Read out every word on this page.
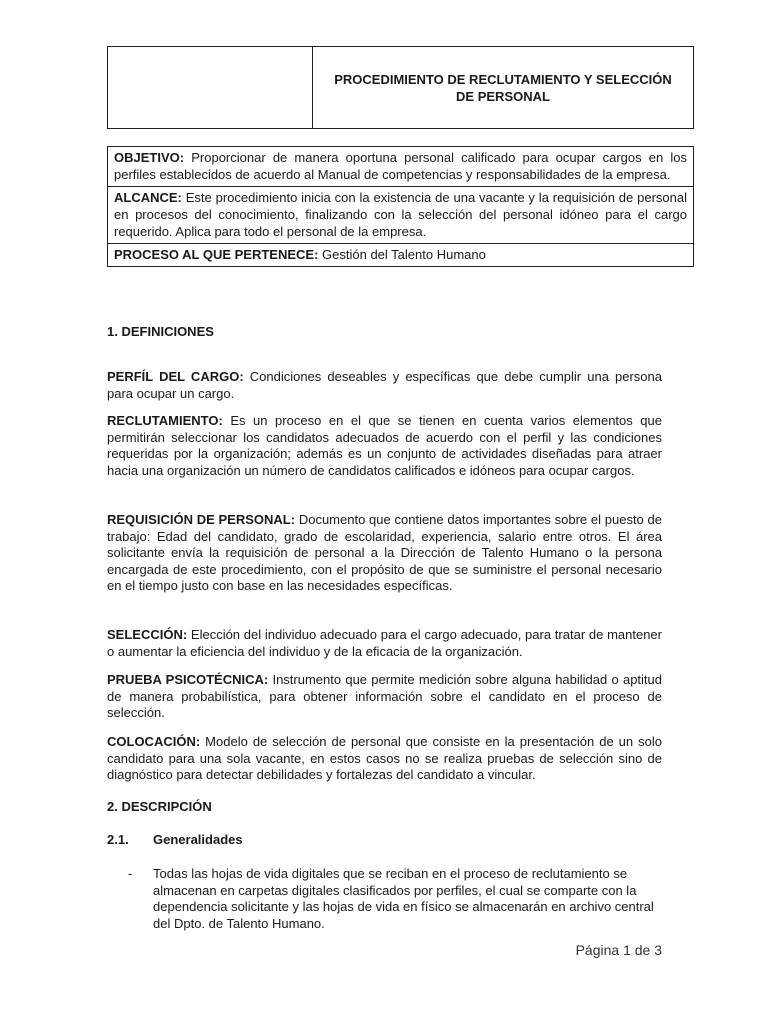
PROCEDIMIENTO DE RECLUTAMIENTO Y SELECCIÓN DE PERSONAL
OBJETIVO: Proporcionar de manera oportuna personal calificado para ocupar cargos en los perfiles establecidos de acuerdo al Manual de competencias y responsabilidades de la empresa.
ALCANCE: Este procedimiento inicia con la existencia de una vacante y la requisición de personal en procesos del conocimiento, finalizando con la selección del personal idóneo para el cargo requerido. Aplica para todo el personal de la empresa.
PROCESO AL QUE PERTENECE: Gestión del Talento Humano
1. DEFINICIONES
PERFÍL DEL CARGO: Condiciones deseables y específicas que debe cumplir una persona para ocupar un cargo.
RECLUTAMIENTO: Es un proceso en el que se tienen en cuenta varios elementos que permitirán seleccionar los candidatos adecuados de acuerdo con el perfil y las condiciones requeridas por la organización; además es un conjunto de actividades diseñadas para atraer hacia una organización un número de candidatos calificados e idóneos para ocupar cargos.
REQUISICIÓN DE PERSONAL: Documento que contiene datos importantes sobre el puesto de trabajo: Edad del candidato, grado de escolaridad, experiencia, salario entre otros. El área solicitante envía la requisición de personal a la Dirección de Talento Humano o la persona encargada de este procedimiento, con el propósito de que se suministre el personal necesario en el tiempo justo con base en las necesidades específicas.
SELECCIÓN: Elección del individuo adecuado para el cargo adecuado, para tratar de mantener o aumentar la eficiencia del individuo y de la eficacia de la organización.
PRUEBA PSICOTÉCNICA: Instrumento que permite medición sobre alguna habilidad o aptitud de manera probabilística, para obtener información sobre el candidato en el proceso de selección.
COLOCACIÓN: Modelo de selección de personal que consiste en la presentación de un solo candidato para una sola vacante, en estos casos no se realiza pruebas de selección sino de diagnóstico para detectar debilidades y fortalezas del candidato a vincular.
2. DESCRIPCIÓN
2.1. Generalidades
- Todas las hojas de vida digitales que se reciban en el proceso de reclutamiento se almacenan en carpetas digitales clasificados por perfiles, el cual se comparte con la dependencia solicitante y las hojas de vida en físico se almacenarán en archivo central del Dpto. de Talento Humano.
Página 1 de 3
